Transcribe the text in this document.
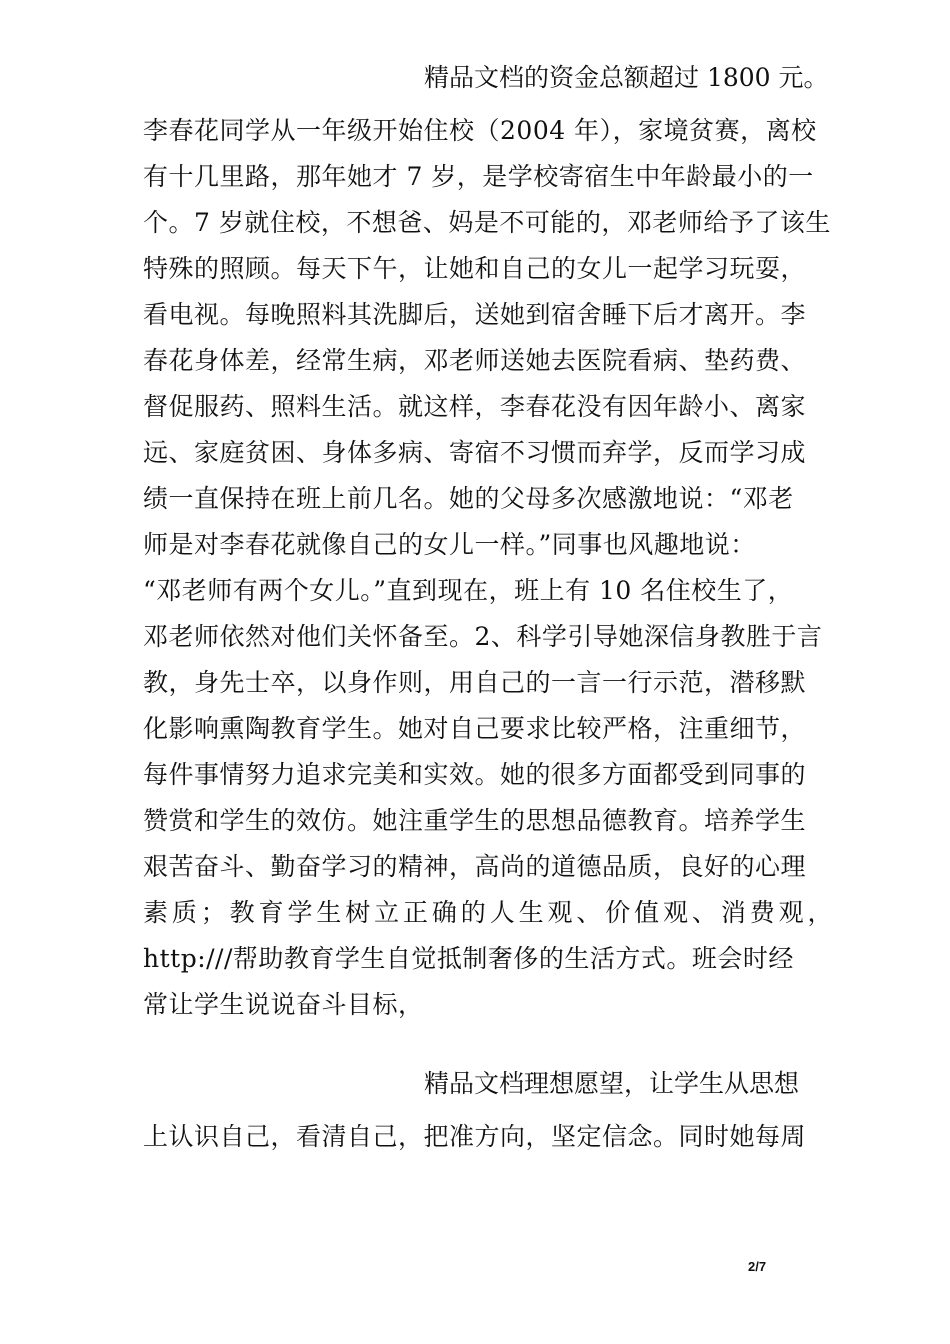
精品文档的资金总额超过 1800 元。
李春花同学从一年级开始住校（2004 年），家境贫赛，离校
有十几里路，那年她才 7 岁，是学校寄宿生中年龄最小的一
个。7 岁就住校，不想爸、妈是不可能的，邓老师给予了该生
特殊的照顾。每天下午，让她和自己的女儿一起学习玩耍，
看电视。每晚照料其洗脚后，送她到宿舍睡下后才离开。李
春花身体差，经常生病，邓老师送她去医院看病、垫药费、
督促服药、照料生活。就这样，李春花没有因年龄小、离家
远、家庭贫困、身体多病、寄宿不习惯而弃学，反而学习成
绩一直保持在班上前几名。她的父母多次感激地说：“邓老
师是对李春花就像自己的女儿一样。”同事也风趣地说：
“邓老师有两个女儿。”直到现在，班上有 10 名住校生了，
邓老师依然对他们关怀备至。2、科学引导她深信身教胜于言
教，身先士卒，以身作则，用自己的一言一行示范，潜移默
化影响熏陶教育学生。她对自己要求比较严格，注重细节，
每件事情努力追求完美和实效。她的很多方面都受到同事的
赞赏和学生的效仿。她注重学生的思想品德教育。培养学生
艰苦奋斗、勤奋学习的精神，高尚的道德品质，良好的心理
素质；教育学生树立正确的人生观、价值观、消费观，
http:///帮助教育学生自觉抵制奢侈的生活方式。班会时经
常让学生说说奋斗目标，
精品文档理想愿望，让学生从思想
上认识自己，看清自己，把准方向，坚定信念。同时她每周
2/7
